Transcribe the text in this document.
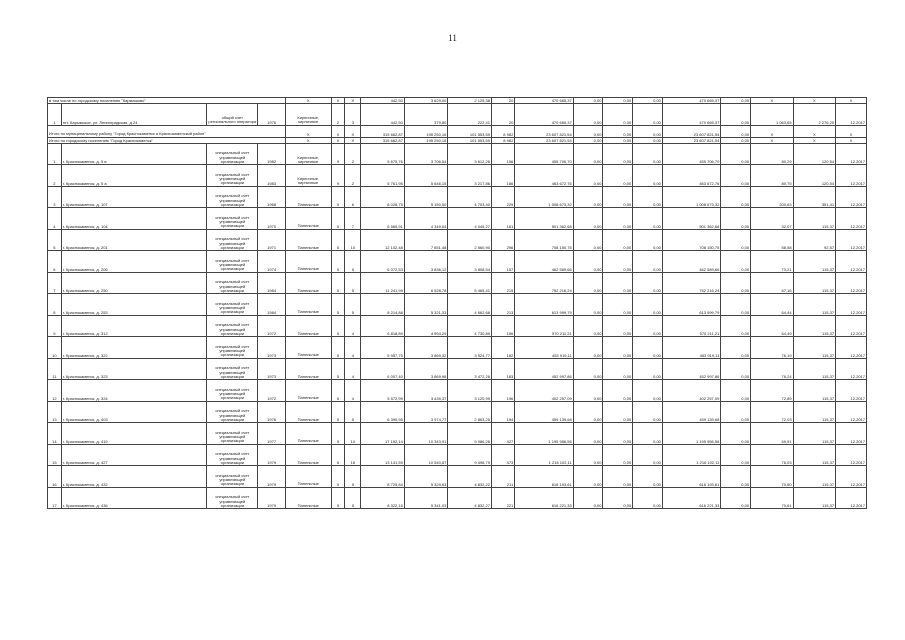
11
в том числе по городскому поселению "Кармашово"				X	X	X	442,50	3 629,00	2 125,38	20	470 665,37	0,00	0,00	0,00	470 665,37	0,00	X	X	X
1	пгт. Карымское, ул. Ленинградская, д.24	общий счет регионального оператора	1976	Кирпичные, кирпичные	2	3	442,50	379,80	222,41	20	470 665,37	0,00	0,00	0,00	470 665,37	0,00	1 063,65	2 276,25	12.2017
Итого по муниципальному району "Город Краснокаменск и Краснокаменский район"				X	X	X	315 662,87	195 250,16	101 553,59	8 982	23 607 821,54	0,00	0,00	0,00	23 607 821,54	0,00	X	X	X
Итого по городскому поселению "Город Краснокаменск"				X	X	X	315 662,87	195 250,16	101 553,59	8 982	23 607 821,54	0,00	0,00	0,00	23 607 821,54	0,00	X	X	X
1	г. Краснокаменск, д. 5 в	специальный счет управляющей организации	1982	Кирпичные, кирпичные	9	2	5 675,76	3 706,54	3 612,26	156	455 706,70	0,00	0,00	0,00	455 706,70	0,00	80,29	120,54	12.2017
2	г. Краснокаменск, д. 5 а	специальный счет управляющей организации	1983	Кирпичные, кирпичные	9	2	5 761,95	5 646,15	3 217,86	186	463 672,76	0,00	0,00	0,00	463 672,76	0,00	80,75	120,54	12.2017
3	г. Краснокаменск, д. 107	специальный счет управляющей организации	1968	Панельные	5	6	8 028,75	5 150,50	4 703,40	229	1 008 673,32	0,00	0,00	0,00	1 008 673,32	0,00	200,63	351,41	12.2017
4	г. Краснокаменск, д. 104	специальный счет управляющей организации	1970	Панельные	5	7	6 560,91	4 349,04	4 045,27	161	501 362,68	0,00	0,00	0,00	501 362,68	0,00	32,07	115,37	12.2017
5	г. Краснокаменск, д. 201	специальный счет управляющей организации	1971	Панельные	5	10	12 102,48	7 651,48	2 560,90	296	708 150,75	0,00	0,00	0,00	708 150,75	0,00	58,58	92,57	12.2017
6	г. Краснокаменск, д. 206	специальный счет управляющей организации	1974	Панельные	5	5	6 072,53	3 836,12	3 808,54	157	462 589,66	0,00	0,00	0,00	462 589,66	0,00	73,21	115,37	12.2017
7	г. Краснокаменск, д. 250	специальный счет управляющей организации	1984	Панельные	5	5	11 241,99	6 528,78	5 465,41	215	752 216,24	0,00	0,00	0,00	752 216,24	0,00	67,16	115,37	12.2017
8	г. Краснокаменск, д. 253	специальный счет управляющей организации	1984	Панельные	5	5	8 214,88	5 321,33	4 662,68	213	613 999,79	0,00	0,00	0,00	613 999,79	0,00	64,44	115,37	12.2017
9	г. Краснокаменск, д. 312	специальный счет управляющей организации	1972	Панельные	5	4	6 818,89	4 994,29	4 730,89	196	570 211,21	0,00	0,00	0,00	570 211,21	0,00	64,49	115,37	12.2017
10	г. Краснокаменск, д. 322	специальный счет управляющей организации	1973	Панельные	5	4	5 957,75	3 869,32	3 524,77	182	453 919,11	0,00	0,00	0,00	453 919,11	0,00	76,19	115,37	12.2017
11	г. Краснокаменск, д. 323	специальный счет управляющей организации	1973	Панельные	5	4	6 007,40	3 869,98	3 472,26	183	452 997,86	0,00	0,00	0,00	452 997,86	0,00	76,24	115,37	12.2017
12	г. Краснокаменск, д. 324	специальный счет управляющей организации	1972	Панельные	5	4	5 572,99	3 439,37	3 120,99	196	402 257,09	0,00	0,00	0,00	402 257,09	0,00	72,89	115,37	12.2017
13	г. Краснокаменск, д. 403	специальный счет управляющей организации	1976	Панельные	5	5	6 390,95	3 974,77	2 863,25	194	459 139,68	0,00	0,00	0,00	459 139,68	0,00	72,03	115,37	12.2017
14	г. Краснокаменск, д. 419	специальный счет управляющей организации	1977	Панельные	5	10	17 192,14	10 343,91	9 086,26	427	1 195 956,56	0,00	0,00	0,00	1 195 956,56	0,00	69,51	115,37	12.2017
15	г. Краснокаменск, д. 427	специальный счет управляющей организации	1979	Панельные	5	16	13 141,59	10 540,87	9 498,79	473	1 216 102,11	0,00	0,00	0,00	1 216 102,11	0,00	76,03	115,37	12.2017
16	г. Краснокаменск, д. 432	специальный счет управляющей организации	1979	Панельные	5	5	8 725,84	5 329,63	4 832,22	211	616 193,61	0,00	0,00	0,00	616 193,61	0,00	70,60	115,37	12.2017
17	г. Краснокаменск, д. 436	специальный счет управляющей организации	1979	Панельные	5	5	8 322,16	5 341,03	4 832,27	221	616 221,33	0,00	0,00	0,00	616 221,33	0,00	70,61	115,37	12.2017
